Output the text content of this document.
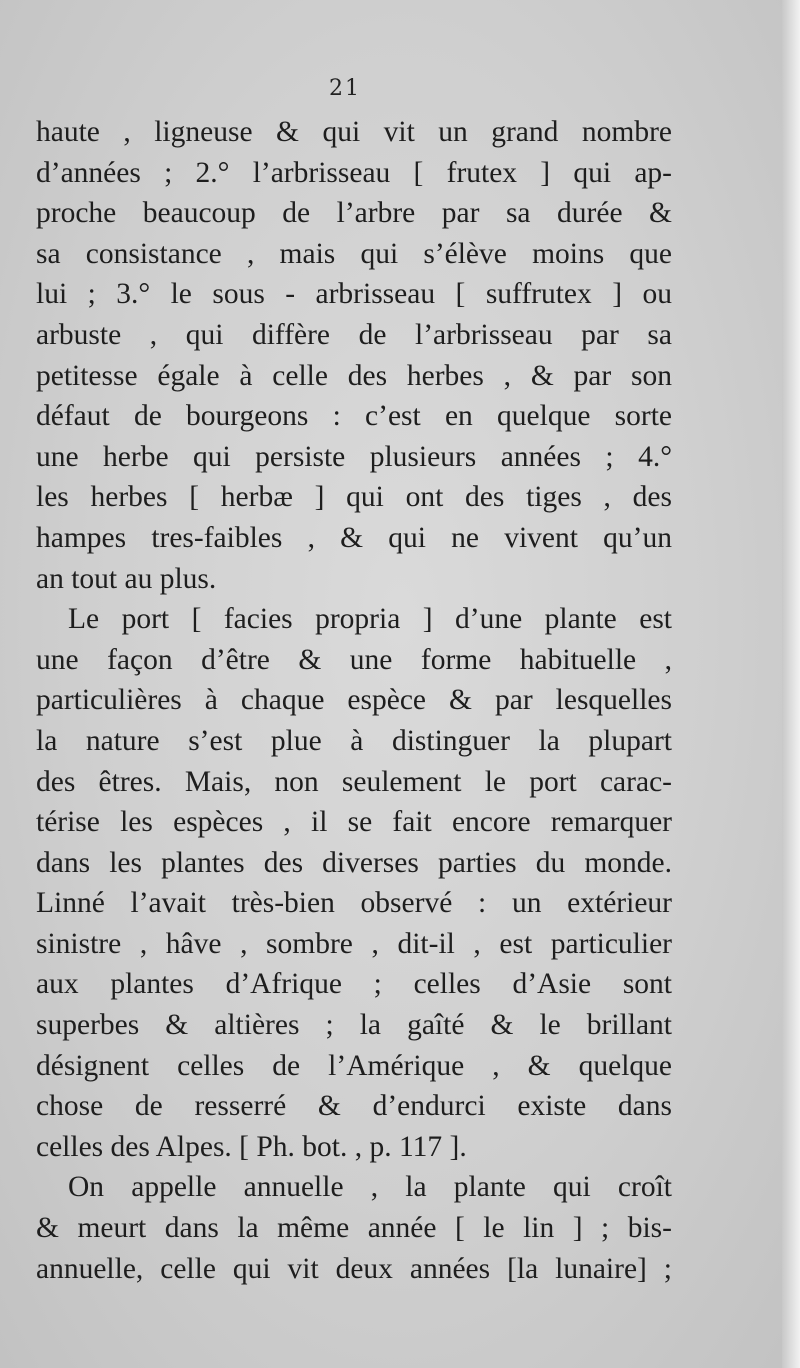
21
haute , ligneuse & qui vit un grand nombre
d’années ; 2.° l’arbrisseau [ frutex ] qui ap-
proche beaucoup de l’arbre par sa durée &
sa consistance , mais qui s’élève moins que
lui ; 3.° le sous - arbrisseau [ suffrutex ] ou
arbuste , qui diffère de l’arbrisseau par sa
petitesse égale à celle des herbes , & par son
défaut de bourgeons : c’est en quelque sorte
une herbe qui persiste plusieurs années ; 4.°
les herbes [ herbæ ] qui ont des tiges , des
hampes tres-faibles , & qui ne vivent qu’un
an tout au plus.
Le port [ facies propria ] d’une plante est
une façon d’être & une forme habituelle ,
particulières à chaque espèce & par lesquelles
la nature s’est plue à distinguer la plupart
des êtres. Mais, non seulement le port carac-
térise les espèces , il se fait encore remarquer
dans les plantes des diverses parties du monde.
Linné l’avait très-bien observé : un extérieur
sinistre , hâve , sombre , dit-il , est particulier
aux plantes d’Afrique ; celles d’Asie sont
superbes & altières ; la gaîté & le brillant
désignent celles de l’Amérique , & quelque
chose de resserré & d’endurci existe dans
celles des Alpes. [ Ph. bot. , p. 117 ].
On appelle annuelle , la plante qui croît
& meurt dans la même année [ le lin ] ; bis-
annuelle, celle qui vit deux années [la lunaire] ;
